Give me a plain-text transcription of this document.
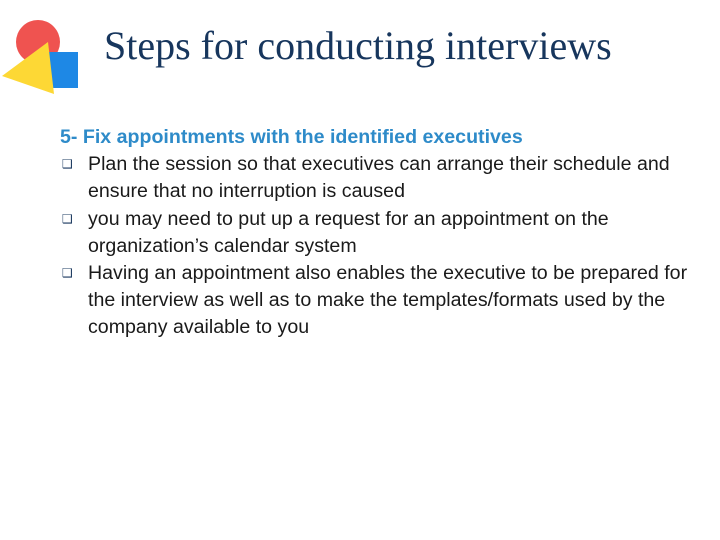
Steps for conducting interviews
5- Fix appointments with the identified executives
❑ Plan the session so that executives can arrange their schedule and ensure that no interruption is caused
❑ you may need to put up a request for an appointment on the organization’s calendar system
❑ Having an appointment also enables the executive to be prepared for the interview as well as to make the templates/formats used by the company available to you
